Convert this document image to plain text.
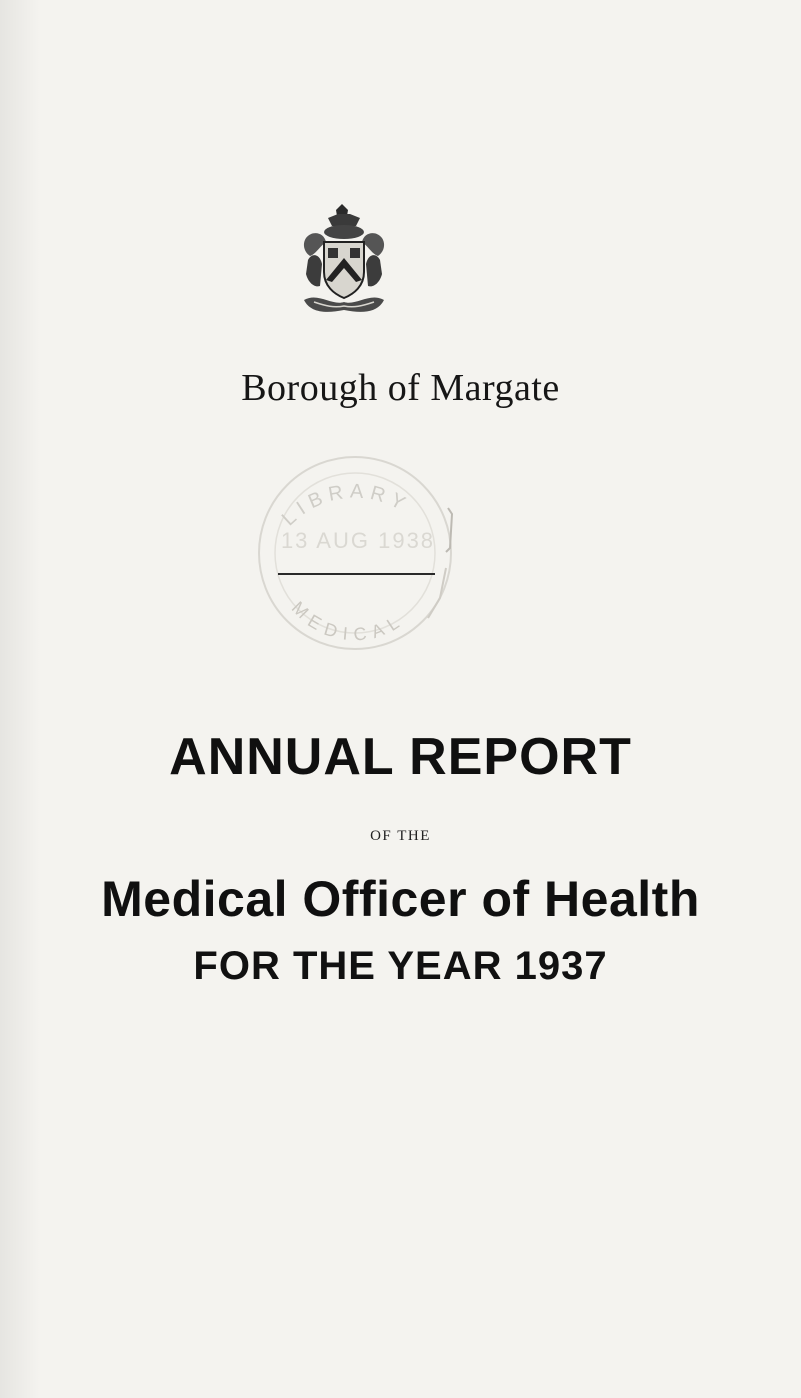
Borough of Margate
LIBRARY
13 AUG 1938
MEDICAL
ANNUAL REPORT
OF THE
Medical Officer of Health
FOR THE YEAR 1937
